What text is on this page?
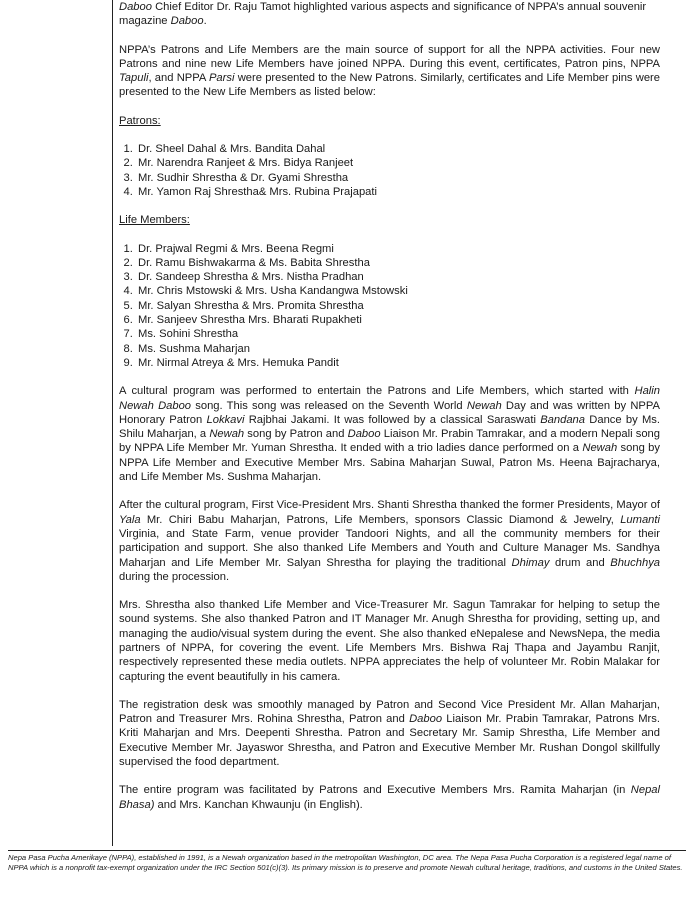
Daboo Chief Editor Dr. Raju Tamot highlighted various aspects and significance of NPPA’s annual souvenir magazine Daboo.

NPPA’s Patrons and Life Members are the main source of support for all the NPPA activities. Four new Patrons and nine new Life Members have joined NPPA. During this event, certificates, Patron pins, NPPA Tapuli, and NPPA Parsi were presented to the New Patrons. Similarly, certificates and Life Member pins were presented to the New Life Members as listed below:

Patrons:

1. Dr. Sheel Dahal & Mrs. Bandita Dahal
2. Mr. Narendra Ranjeet & Mrs. Bidya Ranjeet
3. Mr. Sudhir Shrestha & Dr. Gyami Shrestha
4. Mr. Yamon Raj Shrestha& Mrs. Rubina Prajapati

Life Members:

1. Dr. Prajwal Regmi & Mrs. Beena Regmi
2. Dr. Ramu Bishwakarma & Ms. Babita Shrestha
3. Dr. Sandeep Shrestha & Mrs. Nistha Pradhan
4. Mr. Chris Mstowski & Mrs. Usha Kandangwa Mstowski
5. Mr. Salyan Shrestha & Mrs. Promita Shrestha
6. Mr. Sanjeev Shrestha Mrs. Bharati Rupakheti
7. Ms. Sohini Shrestha
8. Ms. Sushma Maharjan
9. Mr. Nirmal Atreya & Mrs. Hemuka Pandit

A cultural program was performed to entertain the Patrons and Life Members, which started with Halin Newah Daboo song. This song was released on the Seventh World Newah Day and was written by NPPA Honorary Patron Lokkavi Rajbhai Jakami. It was followed by a classical Saraswati Bandana Dance by Ms. Shilu Maharjan, a Newah song by Patron and Daboo Liaison Mr. Prabin Tamrakar, and a modern Nepali song by NPPA Life Member Mr. Yuman Shrestha. It ended with a trio ladies dance performed on a Newah song by NPPA Life Member and Executive Member Mrs. Sabina Maharjan Suwal, Patron Ms. Heena Bajracharya, and Life Member Ms. Sushma Maharjan.

After the cultural program, First Vice-President Mrs. Shanti Shrestha thanked the former Presidents, Mayor of Yala Mr. Chiri Babu Maharjan, Patrons, Life Members, sponsors Classic Diamond & Jewelry, Lumanti Virginia, and State Farm, venue provider Tandoori Nights, and all the community members for their participation and support. She also thanked Life Members and Youth and Culture Manager Ms. Sandhya Maharjan and Life Member Mr. Salyan Shrestha for playing the traditional Dhimay drum and Bhuchhya during the procession.

Mrs. Shrestha also thanked Life Member and Vice-Treasurer Mr. Sagun Tamrakar for helping to setup the sound systems. She also thanked Patron and IT Manager Mr. Anugh Shrestha for providing, setting up, and managing the audio/visual system during the event. She also thanked eNepalese and NewsNepa, the media partners of NPPA, for covering the event. Life Members Mrs. Bishwa Raj Thapa and Jayambu Ranjit, respectively represented these media outlets. NPPA appreciates the help of volunteer Mr. Robin Malakar for capturing the event beautifully in his camera.

The registration desk was smoothly managed by Patron and Second Vice President Mr. Allan Maharjan, Patron and Treasurer Mrs. Rohina Shrestha, Patron and Daboo Liaison Mr. Prabin Tamrakar, Patrons Mrs. Kriti Maharjan and Mrs. Deepenti Shrestha. Patron and Secretary Mr. Samip Shrestha, Life Member and Executive Member Mr. Jayaswor Shrestha, and Patron and Executive Member Mr. Rushan Dongol skillfully supervised the food department.

The entire program was facilitated by Patrons and Executive Members Mrs. Ramita Maharjan (in Nepal Bhasa) and Mrs. Kanchan Khwaunju (in English).

Nepa Pasa Pucha Amerikaye (NPPA), established in 1991, is a Newah organization based in the metropolitan Washington, DC area. The Nepa Pasa Pucha Corporation is a registered legal name of NPPA which is a nonprofit tax-exempt organization under the IRC Section 501(c)(3). Its primary mission is to preserve and promote Newah cultural heritage, traditions, and customs in the United States.
